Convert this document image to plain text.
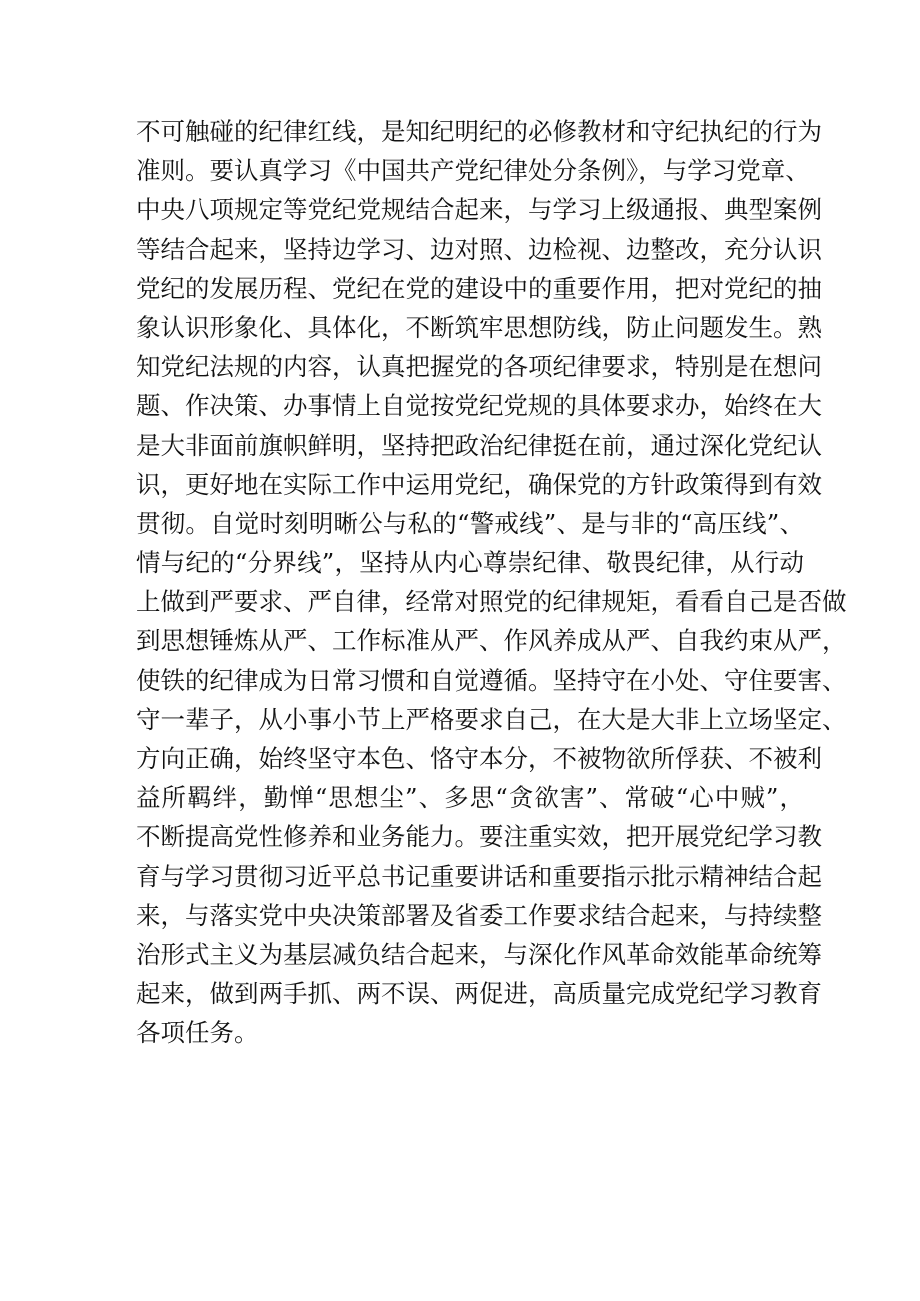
不可触碰的纪律红线，是知纪明纪的必修教材和守纪执纪的行为
准则。要认真学习《中国共产党纪律处分条例》，与学习党章、
中央八项规定等党纪党规结合起来，与学习上级通报、典型案例
等结合起来，坚持边学习、边对照、边检视、边整改，充分认识
党纪的发展历程、党纪在党的建设中的重要作用，把对党纪的抽
象认识形象化、具体化，不断筑牢思想防线，防止问题发生。熟
知党纪法规的内容，认真把握党的各项纪律要求，特别是在想问
题、作决策、办事情上自觉按党纪党规的具体要求办，始终在大
是大非面前旗帜鲜明，坚持把政治纪律挺在前，通过深化党纪认
识，更好地在实际工作中运用党纪，确保党的方针政策得到有效
贯彻。自觉时刻明晰公与私的“警戒线”、是与非的“高压线”、
情与纪的“分界线”，坚持从内心尊崇纪律、敬畏纪律，从行动
上做到严要求、严自律，经常对照党的纪律规矩，看看自己是否做
到思想锤炼从严、工作标准从严、作风养成从严、自我约束从严，
使铁的纪律成为日常习惯和自觉遵循。坚持守在小处、守住要害、
守一辈子，从小事小节上严格要求自己，在大是大非上立场坚定、
方向正确，始终坚守本色、恪守本分，不被物欲所俘获、不被利
益所羁绊，勤惮“思想尘”、多思“贪欲害”、常破“心中贼”，
不断提高党性修养和业务能力。要注重实效，把开展党纪学习教
育与学习贯彻习近平总书记重要讲话和重要指示批示精神结合起
来，与落实党中央决策部署及省委工作要求结合起来，与持续整
治形式主义为基层减负结合起来，与深化作风革命效能革命统筹
起来，做到两手抓、两不误、两促进，高质量完成党纪学习教育
各项任务。
